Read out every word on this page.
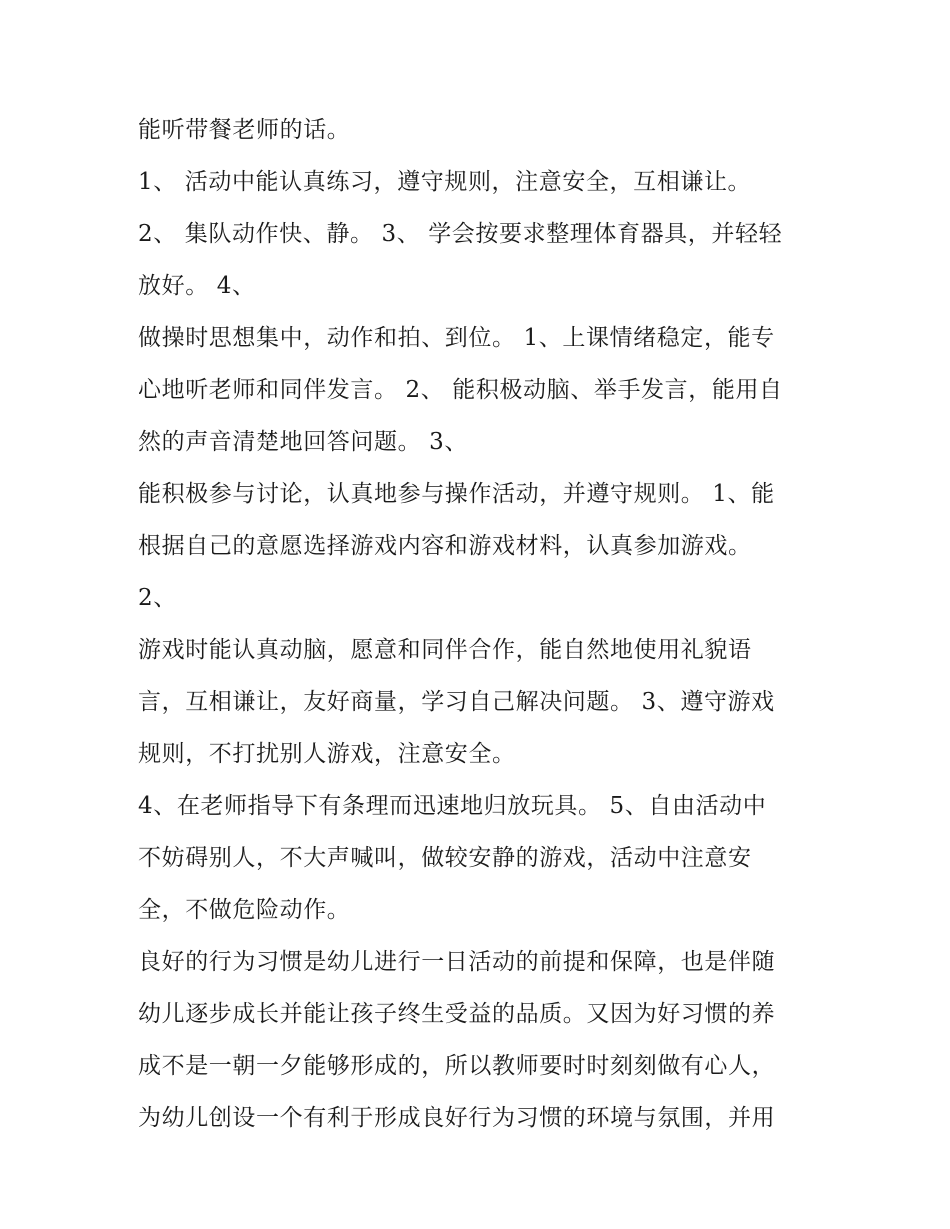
能听带餐老师的话。
1、 活动中能认真练习，遵守规则，注意安全，互相谦让。
2、 集队动作快、静。 3、 学会按要求整理体育器具，并轻轻
放好。 4、
做操时思想集中，动作和拍、到位。 1、上课情绪稳定，能专
心地听老师和同伴发言。 2、 能积极动脑、举手发言，能用自
然的声音清楚地回答问题。 3、
能积极参与讨论，认真地参与操作活动，并遵守规则。 1、能
根据自己的意愿选择游戏内容和游戏材料，认真参加游戏。
2、
游戏时能认真动脑，愿意和同伴合作，能自然地使用礼貌语
言，互相谦让，友好商量，学习自己解决问题。 3、遵守游戏
规则，不打扰别人游戏，注意安全。
4、在老师指导下有条理而迅速地归放玩具。 5、自由活动中
不妨碍别人，不大声喊叫，做较安静的游戏，活动中注意安
全，不做危险动作。
良好的行为习惯是幼儿进行一日活动的前提和保障，也是伴随
幼儿逐步成长并能让孩子终生受益的品质。又因为好习惯的养
成不是一朝一夕能够形成的，所以教师要时时刻刻做有心人，
为幼儿创设一个有利于形成良好行为习惯的环境与氛围，并用
